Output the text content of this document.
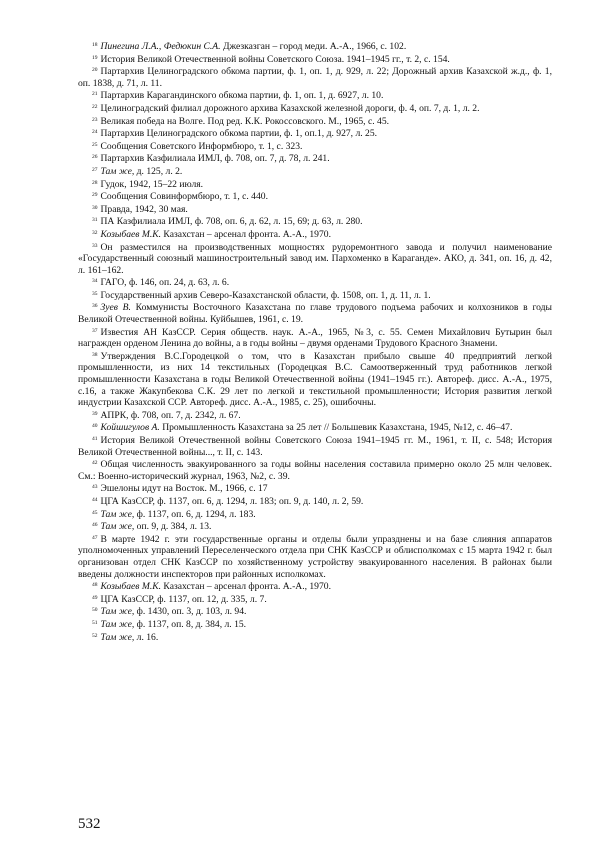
$^{18}$ Пинегина Л.А., Федюкин С.А. Джезказган – город меди. А.-А., 1966, с. 102.

$^{19}$ История Великой Отечественной войны Советского Союза. 1941–1945 гг., т. 2, с. 154.

$^{20}$ Партархив Целиноградского обкома партии, ф. 1, оп. 1, д. 929, л. 22; Дорожный архив Казахской ж.д., ф. 1, оп. 1838, д. 71, л. 11.

$^{21}$ Партархив Карагандинского обкома партии, ф. 1, оп. 1, д. 6927, л. 10.

$^{22}$ Целиноградский филиал дорожного архива Казахской железной дороги, ф. 4, оп. 7, д. 1, л. 2.

$^{23}$ Великая победа на Волге. Под ред. К.К. Рокоссовского. М., 1965, с. 45.

$^{24}$ Партархив Целиноградского обкома партии, ф. 1, оп.1, д. 927, л. 25.

$^{25}$ Сообщения Советского Информбюро, т. 1, с. 323.

$^{26}$ Партархив Казфилиала ИМЛ, ф. 708, оп. 7, д. 78, л. 241.

$^{27}$ Там же, д. 125, л. 2.

$^{28}$ Гудок, 1942, 15–22 июля.

$^{29}$ Сообщения Совинформбюро, т. 1, с. 440.

$^{30}$ Правда, 1942, 30 мая.

$^{31}$ ПА Казфилиала ИМЛ, ф. 708, оп. 6, д. 62, л. 15, 69; д. 63, л. 280.

$^{32}$ Козыбаев М.К. Казахстан – арсенал фронта. А.-А., 1970.

$^{33}$ Он разместился на производственных мощностях рудоремонтного завода и получил наименование «Государственный союзный машиностроительный завод им. Пархоменко в Караганде». АКО, д. 341, оп. 16, д. 42, л. 161–162.

$^{34}$ ГАГО, ф. 146, оп. 24, д. 63, л. 6.

$^{35}$ Государственный архив Северо-Казахстанской области, ф. 1508, оп. 1, д. 11, л. 1.

$^{36}$ Зуев В. Коммунисты Восточного Казахстана по главе трудового подъема рабочих и колхозников в годы Великой Отечественной войны. Куйбышев, 1961, с. 19.

$^{37}$ Известия АН КазССР. Серия обществ. наук. А.-А., 1965, №3, с. 55. Семен Михайлович Бутырин был награжден орденом Ленина до войны, а в годы войны – двумя орденами Трудового Красного Знамени.

$^{38}$ Утверждения В.С.Городецкой о том, что в Казахстан прибыло свыше 40 предприятий легкой промышленности, из них 14 текстильных (Городецкая В.С. Самоотверженный труд работников легкой промышленности Казахстана в годы Великой Отечественной войны (1941–1945 гг.). Автореф. дисс. А.-А., 1975, с.16, а также Жакупбекова С.К. 29 лет по легкой и текстильной промышленности; История развития легкой индустрии Казахской ССР. Автореф. дисс. А.-А., 1985, с. 25), ошибочны.

$^{39}$ АПРК, ф. 708, оп. 7, д. 2342, л. 67.

$^{40}$ Койшигулов А. Промышленность Казахстана за 25 лет // Большевик Казахстана, 1945, №12, с. 46–47.

$^{41}$ История Великой Отечественной войны Советского Союза 1941–1945 гг. М., 1961, т. II, с. 548; История Великой Отечественной войны..., т. II, с. 143.

$^{42}$ Общая численность эвакуированного за годы войны населения составила примерно около 25 млн человек. См.: Военно-исторический журнал, 1963, №2, с. 39.

$^{43}$ Эшелоны идут на Восток. М., 1966, с. 17

$^{44}$ ЦГА КазССР, ф. 1137, оп. 6, д. 1294, л. 183; оп. 9, д. 140, л. 2, 59.

$^{45}$ Там же, ф. 1137, оп. 6, д. 1294, л. 183.

$^{46}$ Там же, оп. 9, д. 384, л. 13.

$^{47}$ В марте 1942 г. эти государственные органы и отделы были упразднены и на базе слияния аппаратов уполномоченных управлений Переселенческого отдела при СНК КазССР и облисполкомах с 15 марта 1942 г. был организован отдел СНК КазССР по хозяйственному устройству эвакуированного населения. В районах были введены должности инспекторов при районных исполкомах.

$^{48}$ Козыбаев М.К. Казахстан – арсенал фронта. А.-А., 1970.

$^{49}$ ЦГА КазССР, ф. 1137, оп. 12, д. 335, л. 7.

$^{50}$ Там же, ф. 1430, оп. 3, д. 103, л. 94.

$^{51}$ Там же, ф. 1137, оп. 8, д. 384, л. 15.

$^{52}$ Там же, л. 16.

532
